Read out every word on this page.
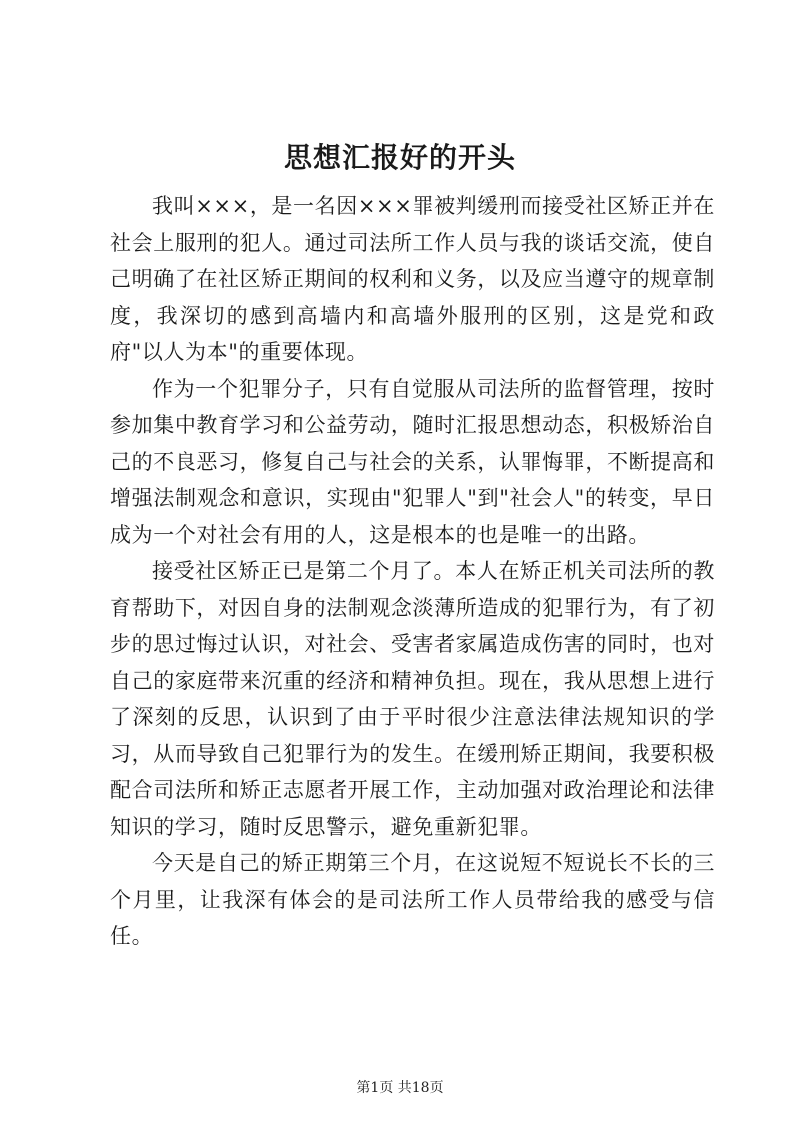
思想汇报好的开头

我叫×××，是一名因×××罪被判缓刑而接受社区矫正并在社会上服刑的犯人。通过司法所工作人员与我的谈话交流，使自己明确了在社区矫正期间的权利和义务，以及应当遵守的规章制度，我深切的感到高墙内和高墙外服刑的区别，这是党和政府"以人为本"的重要体现。

作为一个犯罪分子，只有自觉服从司法所的监督管理，按时参加集中教育学习和公益劳动，随时汇报思想动态，积极矫治自己的不良恶习，修复自己与社会的关系，认罪悔罪，不断提高和增强法制观念和意识，实现由"犯罪人"到"社会人"的转变，早日成为一个对社会有用的人，这是根本的也是唯一的出路。

接受社区矫正已是第二个月了。本人在矫正机关司法所的教育帮助下，对因自身的法制观念淡薄所造成的犯罪行为，有了初步的思过悔过认识，对社会、受害者家属造成伤害的同时，也对自己的家庭带来沉重的经济和精神负担。现在，我从思想上进行了深刻的反思，认识到了由于平时很少注意法律法规知识的学习，从而导致自己犯罪行为的发生。在缓刑矫正期间，我要积极配合司法所和矫正志愿者开展工作，主动加强对政治理论和法律知识的学习，随时反思警示，避免重新犯罪。

今天是自己的矫正期第三个月，在这说短不短说长不长的三个月里，让我深有体会的是司法所工作人员带给我的感受与信任。

第1页 共18页
